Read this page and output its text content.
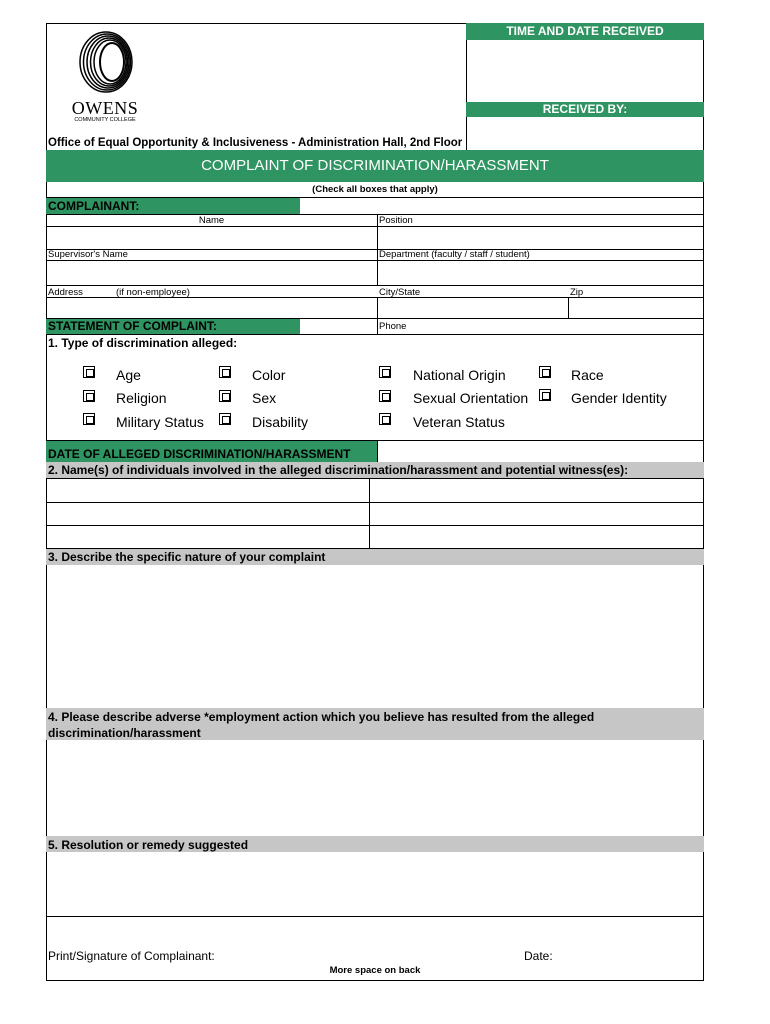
OWENS
COMMUNITY COLLEGE
TIME AND DATE RECEIVED
RECEIVED BY:
Office of Equal Opportunity & Inclusiveness - Administration Hall, 2nd Floor
COMPLAINT OF DISCRIMINATION/HARASSMENT
(Check all boxes that apply)
COMPLAINANT:
Name	Position
Supervisor's Name	Department (faculty / staff / student)
Address	(if non-employee)	City/State	Zip
STATEMENT OF COMPLAINT:	Phone
1. Type of discrimination alleged:
Age	Color	National Origin	Race
Religion	Sex	Sexual Orientation	Gender Identity
Military Status	Disability	Veteran Status
DATE OF ALLEGED DISCRIMINATION/HARASSMENT
2. Name(s) of individuals involved in the alleged discrimination/harassment and potential witness(es):
3. Describe the specific nature of your complaint
4. Please describe adverse *employment action which you believe has resulted from the alleged
discrimination/harassment
5. Resolution or remedy suggested
Print/Signature of Complainant:	Date:
More space on back
